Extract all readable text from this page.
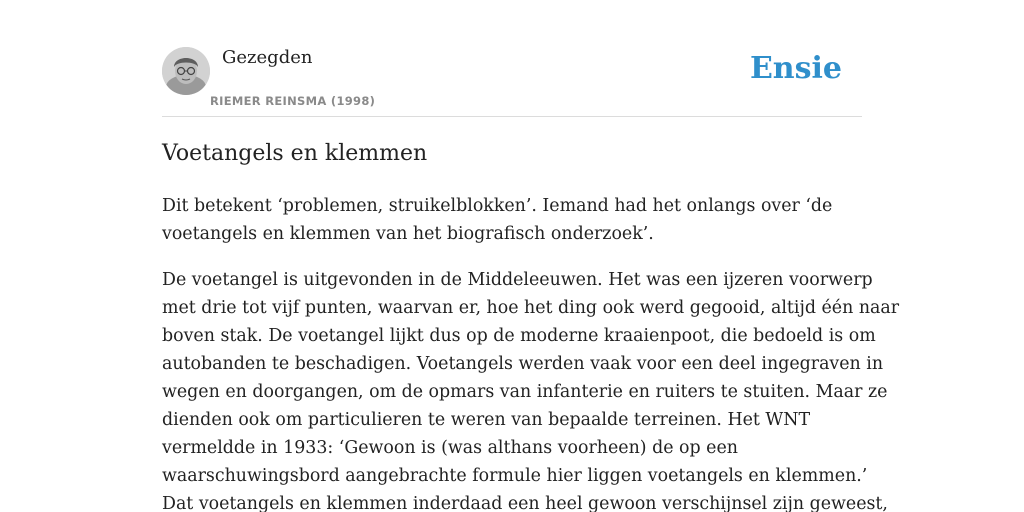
Gezegden
RIEMER REINSMA (1998)
Ensie
Voetangels en klemmen

Dit betekent ‘problemen, struikelblokken’. Iemand had het onlangs over ‘de
voetangels en klemmen van het biografisch onderzoek’.

De voetangel is uitgevonden in de Middeleeuwen. Het was een ijzeren voorwerp
met drie tot vijf punten, waarvan er, hoe het ding ook werd gegooid, altijd één naar
boven stak. De voetangel lijkt dus op de moderne kraaienpoot, die bedoeld is om
autobanden te beschadigen. Voetangels werden vaak voor een deel ingegraven in
wegen en doorgangen, om de opmars van infanterie en ruiters te stuiten. Maar ze
dienden ook om particulieren te weren van bepaalde terreinen. Het WNT
vermeldde in 1933: ‘Gewoon is (was althans voorheen) de op een
waarschuwingsbord aangebrachte formule hier liggen voetangels en klemmen.’
Dat voetangels en klemmen inderdaad een heel gewoon verschijnsel zijn geweest,
